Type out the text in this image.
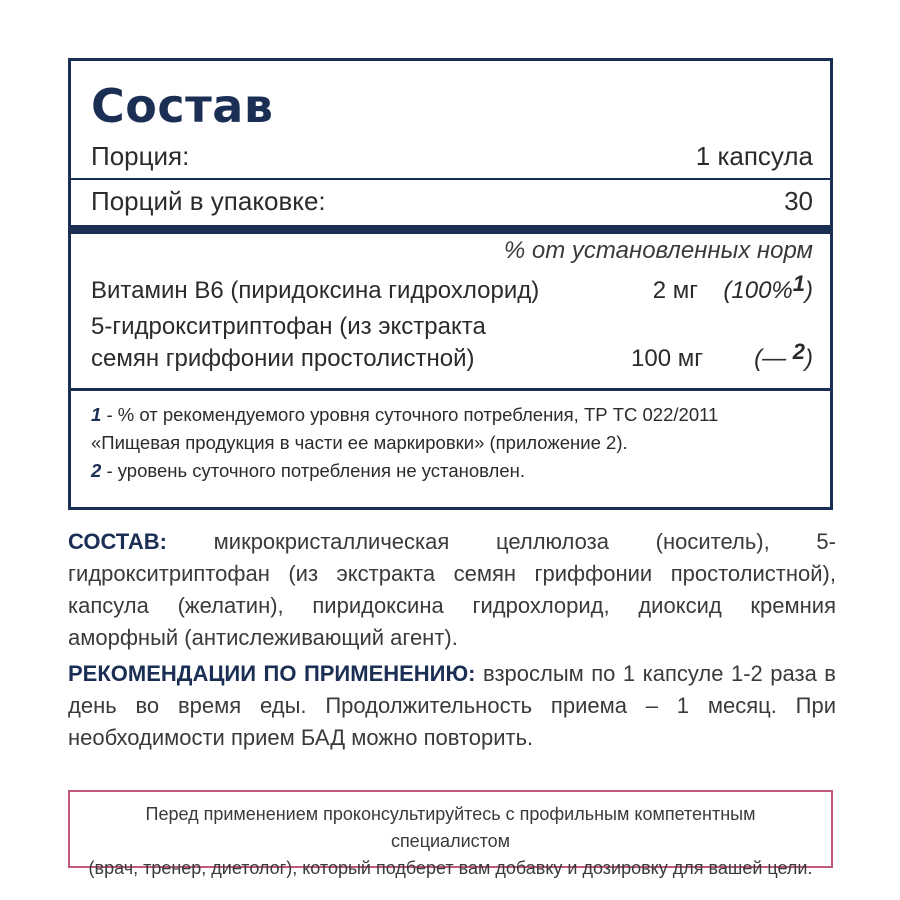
Состав
Порция:	1 капсула
Порций в упаковке:	30
% от установленных норм
Витамин B6 (пиридоксина гидрохлорид)	2 мг (100%1)
5-гидрокситриптофан (из экстракта
семян гриффонии простолистной)	100 мг (— 2)
1 - % от рекомендуемого уровня суточного потребления, ТР ТС 022/2011
«Пищевая продукция в части ее маркировки» (приложение 2).
2 - уровень суточного потребления не установлен.
СОСТАВ: микрокристаллическая целлюлоза (носитель), 5-гидрокситриптофан (из экстракта семян гриффонии простолистной), капсула (желатин), пиридоксина гидрохлорид, диоксид кремния аморфный (антислеживающий агент).
РЕКОМЕНДАЦИИ ПО ПРИМЕНЕНИЮ: взрослым по 1 капсуле 1-2 раза в день во время еды. Продолжительность приема – 1 месяц. При необходимости прием БАД можно повторить.
Перед применением проконсультируйтесь с профильным компетентным специалистом
(врач, тренер, диетолог), который подберет вам добавку и дозировку для вашей цели.
